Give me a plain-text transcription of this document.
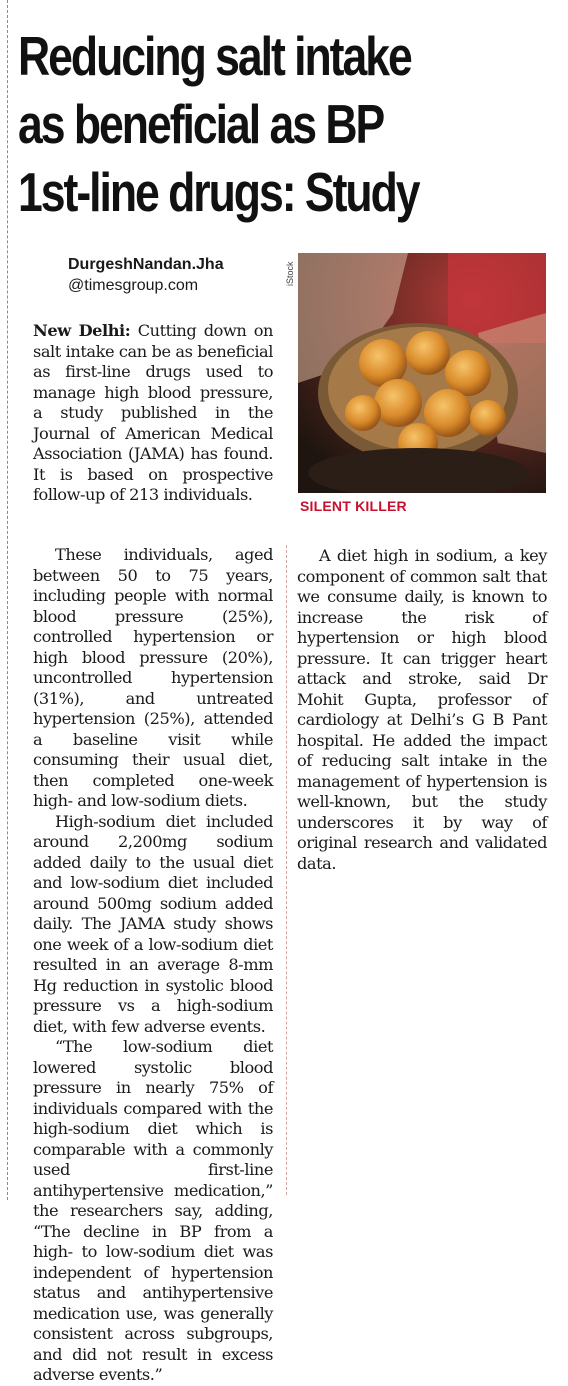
Reducing salt intake
as beneficial as BP
1st-line drugs: Study
DurgeshNandan.Jha
@timesgroup.com	iStock
SILENT KILLER

New Delhi: Cutting down on salt intake can be as beneficial as first-line drugs used to manage high blood pressure, a study published in the Journal of American Medical Association (JAMA) has found. It is based on prospective follow-up of 213 individuals.

These individuals, aged between 50 to 75 years, including people with normal blood pressure (25%), controlled hypertension or high blood pressure (20%), uncontrolled hypertension (31%), and untreated hypertension (25%), attended a baseline visit while consuming their usual diet, then completed one-week high- and low-sodium diets.

High-sodium diet included around 2,200mg sodium added daily to the usual diet and low-sodium diet included around 500mg sodium added daily. The JAMA study shows one week of a low-sodium diet resulted in an average 8-mm Hg reduction in systolic blood pressure vs a high-sodium diet, with few adverse events.

“The low-sodium diet lowered systolic blood pressure in nearly 75% of individuals compared with the high-sodium diet which is comparable with a commonly used first-line antihypertensive medication,” the researchers say, adding, “The decline in BP from a high- to low-sodium diet was independent of hypertension status and antihypertensive medication use, was generally consistent across subgroups, and did not result in excess adverse events.”

A diet high in sodium, a key component of common salt that we consume daily, is known to increase the risk of hypertension or high blood pressure. It can trigger heart attack and stroke, said Dr Mohit Gupta, professor of cardiology at Delhi’s G B Pant hospital. He added the impact of reducing salt intake in the management of hypertension is well-known, but the study underscores it by way of original research and validated data.
